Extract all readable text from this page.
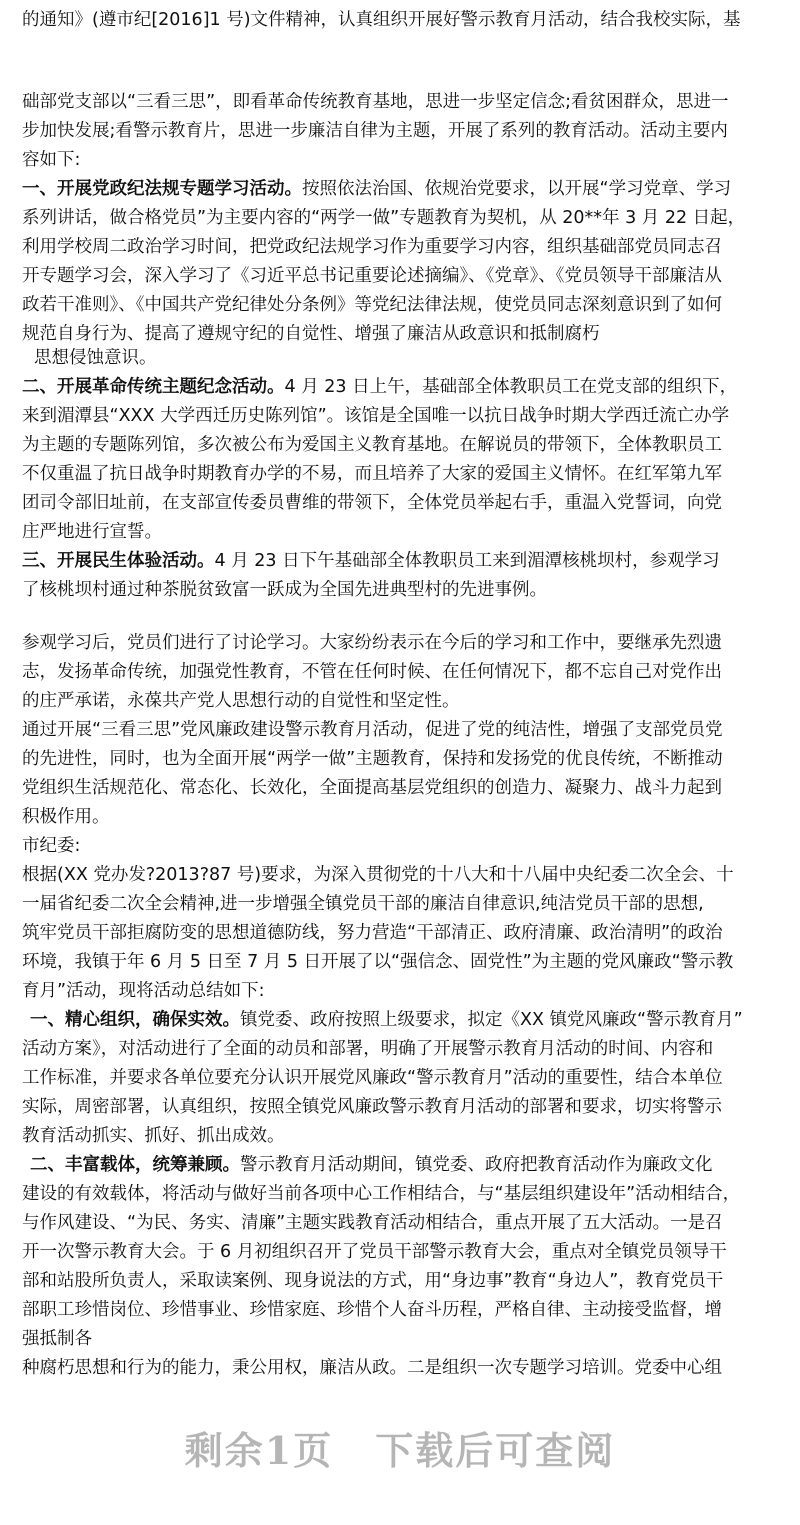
的通知》(遵市纪[2016]1 号)文件精神，认真组织开展好警示教育月活动，结合我校实际，基
础部党支部以“三看三思”，即看革命传统教育基地，思进一步坚定信念;看贫困群众，思进一
步加快发展;看警示教育片，思进一步廉洁自律为主题，开展了系列的教育活动。活动主要内
容如下:
一、开展党政纪法规专题学习活动。按照依法治国、依规治党要求，以开展“学习党章、学习
系列讲话，做合格党员”为主要内容的“两学一做”专题教育为契机，从 20**年 3 月 22 日起，
利用学校周二政治学习时间，把党政纪法规学习作为重要学习内容，组织基础部党员同志召
开专题学习会，深入学习了《习近平总书记重要论述摘编》、《党章》、《党员领导干部廉洁从
政若干准则》、《中国共产党纪律处分条例》等党纪法律法规，使党员同志深刻意识到了如何
规范自身行为、提高了遵规守纪的自觉性、增强了廉洁从政意识和抵制腐朽
思想侵蚀意识。
二、开展革命传统主题纪念活动。4 月 23 日上午，基础部全体教职员工在党支部的组织下，
来到湄潭县“XXX 大学西迁历史陈列馆”。该馆是全国唯一以抗日战争时期大学西迁流亡办学
为主题的专题陈列馆，多次被公布为爱国主义教育基地。在解说员的带领下，全体教职员工
不仅重温了抗日战争时期教育办学的不易，而且培养了大家的爱国主义情怀。在红军第九军
团司令部旧址前，在支部宣传委员曹维的带领下，全体党员举起右手，重温入党誓词，向党
庄严地进行宣誓。
三、开展民生体验活动。4 月 23 日下午基础部全体教职员工来到湄潭核桃坝村，参观学习
了核桃坝村通过种茶脱贫致富一跃成为全国先进典型村的先进事例。
参观学习后，党员们进行了讨论学习。大家纷纷表示在今后的学习和工作中，要继承先烈遗
志，发扬革命传统，加强党性教育，不管在任何时候、在任何情况下，都不忘自己对党作出
的庄严承诺，永葆共产党人思想行动的自觉性和坚定性。
通过开展“三看三思”党风廉政建设警示教育月活动，促进了党的纯洁性，增强了支部党员党
的先进性，同时，也为全面开展“两学一做”主题教育，保持和发扬党的优良传统，不断推动
党组织生活规范化、常态化、长效化，全面提高基层党组织的创造力、凝聚力、战斗力起到
积极作用。
市纪委:
根据(XX 党办发?2013?87 号)要求，为深入贯彻党的十八大和十八届中央纪委二次全会、十
一届省纪委二次全会精神,进一步增强全镇党员干部的廉洁自律意识,纯洁党员干部的思想,
筑牢党员干部拒腐防变的思想道德防线，努力营造“干部清正、政府清廉、政治清明”的政治
环境，我镇于年 6 月 5 日至 7 月 5 日开展了以“强信念、固党性”为主题的党风廉政“警示教
育月”活动，现将活动总结如下:
一、精心组织，确保实效。镇党委、政府按照上级要求，拟定《XX 镇党风廉政“警示教育月”
活动方案》，对活动进行了全面的动员和部署，明确了开展警示教育月活动的时间、内容和
工作标准，并要求各单位要充分认识开展党风廉政“警示教育月”活动的重要性，结合本单位
实际，周密部署，认真组织，按照全镇党风廉政警示教育月活动的部署和要求，切实将警示
教育活动抓实、抓好、抓出成效。
二、丰富载体，统筹兼顾。警示教育月活动期间，镇党委、政府把教育活动作为廉政文化
建设的有效载体，将活动与做好当前各项中心工作相结合，与“基层组织建设年”活动相结合，
与作风建设、“为民、务实、清廉”主题实践教育活动相结合，重点开展了五大活动。一是召
开一次警示教育大会。于 6 月初组织召开了党员干部警示教育大会，重点对全镇党员领导干
部和站股所负责人，采取读案例、现身说法的方式，用“身边事”教育“身边人”，教育党员干
部职工珍惜岗位、珍惜事业、珍惜家庭、珍惜个人奋斗历程，严格自律、主动接受监督，增
强抵制各
种腐朽思想和行为的能力，秉公用权，廉洁从政。二是组织一次专题学习培训。党委中心组
剩余1页 下载后可查阅
